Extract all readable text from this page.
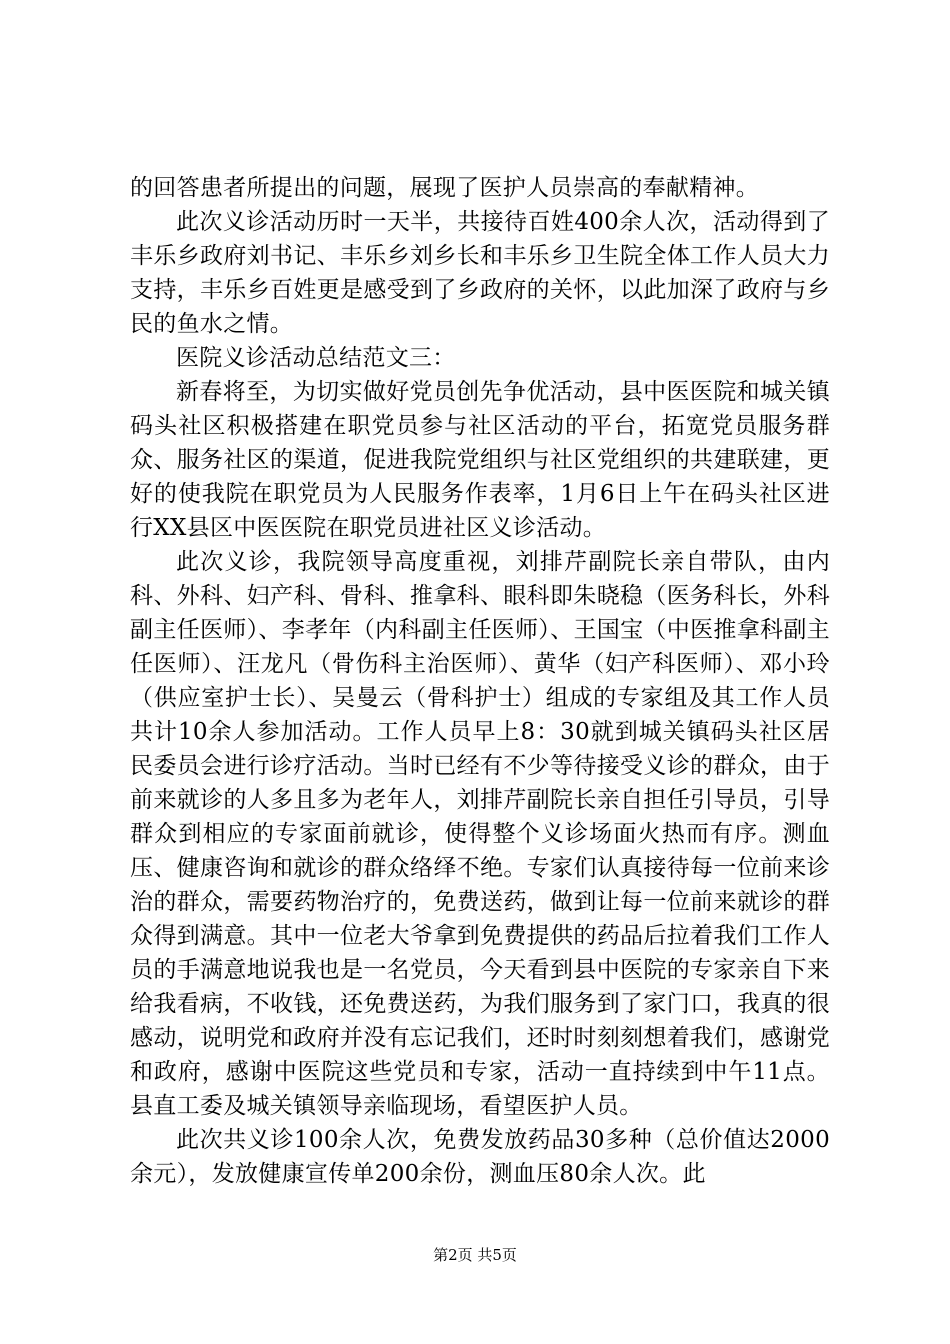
的回答患者所提出的问题，展现了医护人员崇高的奉献精神。

此次义诊活动历时一天半，共接待百姓400余人次，活动得到了丰乐乡政府刘书记、丰乐乡刘乡长和丰乐乡卫生院全体工作人员大力支持，丰乐乡百姓更是感受到了乡政府的关怀，以此加深了政府与乡民的鱼水之情。

医院义诊活动总结范文三：

新春将至，为切实做好党员创先争优活动，县中医医院和城关镇码头社区积极搭建在职党员参与社区活动的平台，拓宽党员服务群众、服务社区的渠道，促进我院党组织与社区党组织的共建联建，更好的使我院在职党员为人民服务作表率，1月6日上午在码头社区进行XX县区中医医院在职党员进社区义诊活动。

此次义诊，我院领导高度重视，刘排芹副院长亲自带队，由内科、外科、妇产科、骨科、推拿科、眼科即朱晓稳（医务科长，外科副主任医师）、李孝年（内科副主任医师）、王国宝（中医推拿科副主任医师）、汪龙凡（骨伤科主治医师）、黄华（妇产科医师）、邓小玲（供应室护士长）、吴曼云（骨科护士）组成的专家组及其工作人员共计10余人参加活动。工作人员早上8：30就到城关镇码头社区居民委员会进行诊疗活动。当时已经有不少等待接受义诊的群众，由于前来就诊的人多且多为老年人，刘排芹副院长亲自担任引导员，引导群众到相应的专家面前就诊，使得整个义诊场面火热而有序。测血压、健康咨询和就诊的群众络绎不绝。专家们认真接待每一位前来诊治的群众，需要药物治疗的，免费送药，做到让每一位前来就诊的群众得到满意。其中一位老大爷拿到免费提供的药品后拉着我们工作人员的手满意地说我也是一名党员，今天看到县中医院的专家亲自下来给我看病，不收钱，还免费送药，为我们服务到了家门口，我真的很感动，说明党和政府并没有忘记我们，还时时刻刻想着我们，感谢党和政府，感谢中医院这些党员和专家，活动一直持续到中午11点。县直工委及城关镇领导亲临现场，看望医护人员。

此次共义诊100余人次，免费发放药品30多种（总价值达2000余元），发放健康宣传单200余份，测血压80余人次。此

第2页 共5页
